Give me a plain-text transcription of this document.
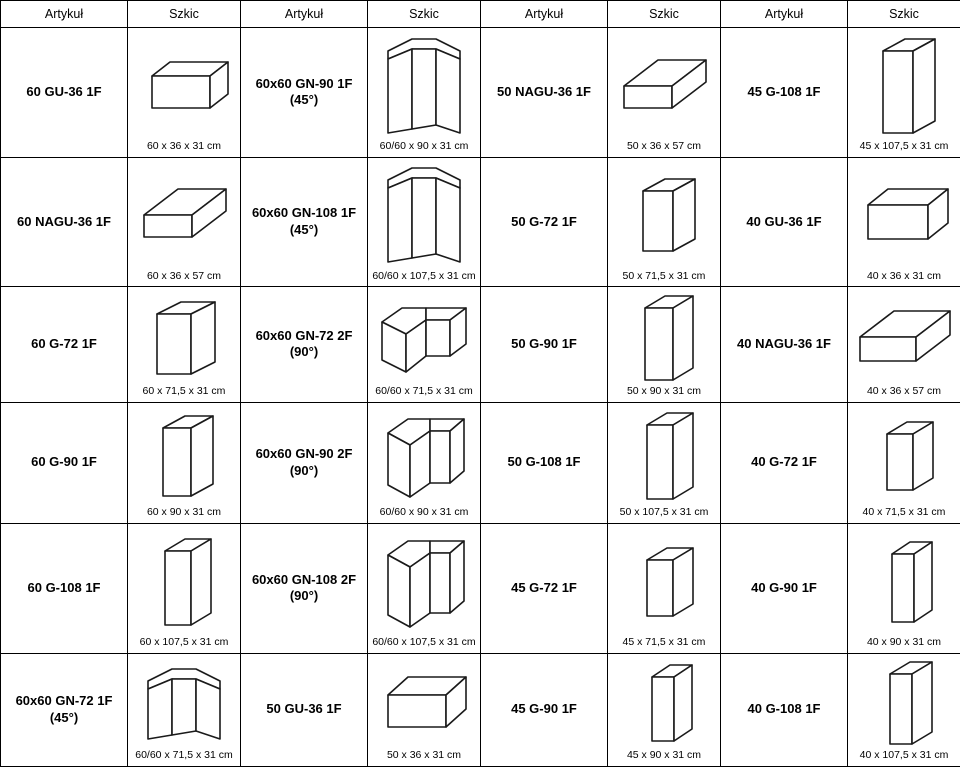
Artykuł	Szkic	Artykuł	Szkic	Artykuł	Szkic	Artykuł	Szkic
60 GU-36 1F	60 x 36 x 31 cm	60x60 GN-90 1F (45°)	60/60 x 90 x 31 cm	50 NAGU-36 1F	50 x 36 x 57 cm	45 G-108 1F	45 x 107,5 x 31 cm

60 NAGU-36 1F	60 x 36 x 57 cm	60x60 GN-108 1F (45°)	60/60 x 107,5 x 31 cm	50 G-72 1F	50 x 71,5 x 31 cm	40 GU-36 1F	40 x 36 x 31 cm

60 G-72 1F	60 x 71,5 x 31 cm	60x60 GN-72 2F (90°)	60/60 x 71,5 x 31 cm	50 G-90 1F	50 x 90 x 31 cm	40 NAGU-36 1F	40 x 36 x 57 cm

60 G-90 1F	60 x 90 x 31 cm	60x60 GN-90 2F (90°)	60/60 x 90 x 31 cm	50 G-108 1F	50 x 107,5 x 31 cm	40 G-72 1F	40 x 71,5 x 31 cm

60 G-108 1F	60 x 107,5 x 31 cm	60x60 GN-108 2F (90°)	60/60 x 107,5 x 31 cm	45 G-72 1F	45 x 71,5 x 31 cm	40 G-90 1F	40 x 90 x 31 cm

60x60 GN-72 1F (45°)	60/60 x 71,5 x 31 cm	50 GU-36 1F	50 x 36 x 31 cm	45 G-90 1F	45 x 90 x 31 cm	40 G-108 1F	40 x 107,5 x 31 cm
